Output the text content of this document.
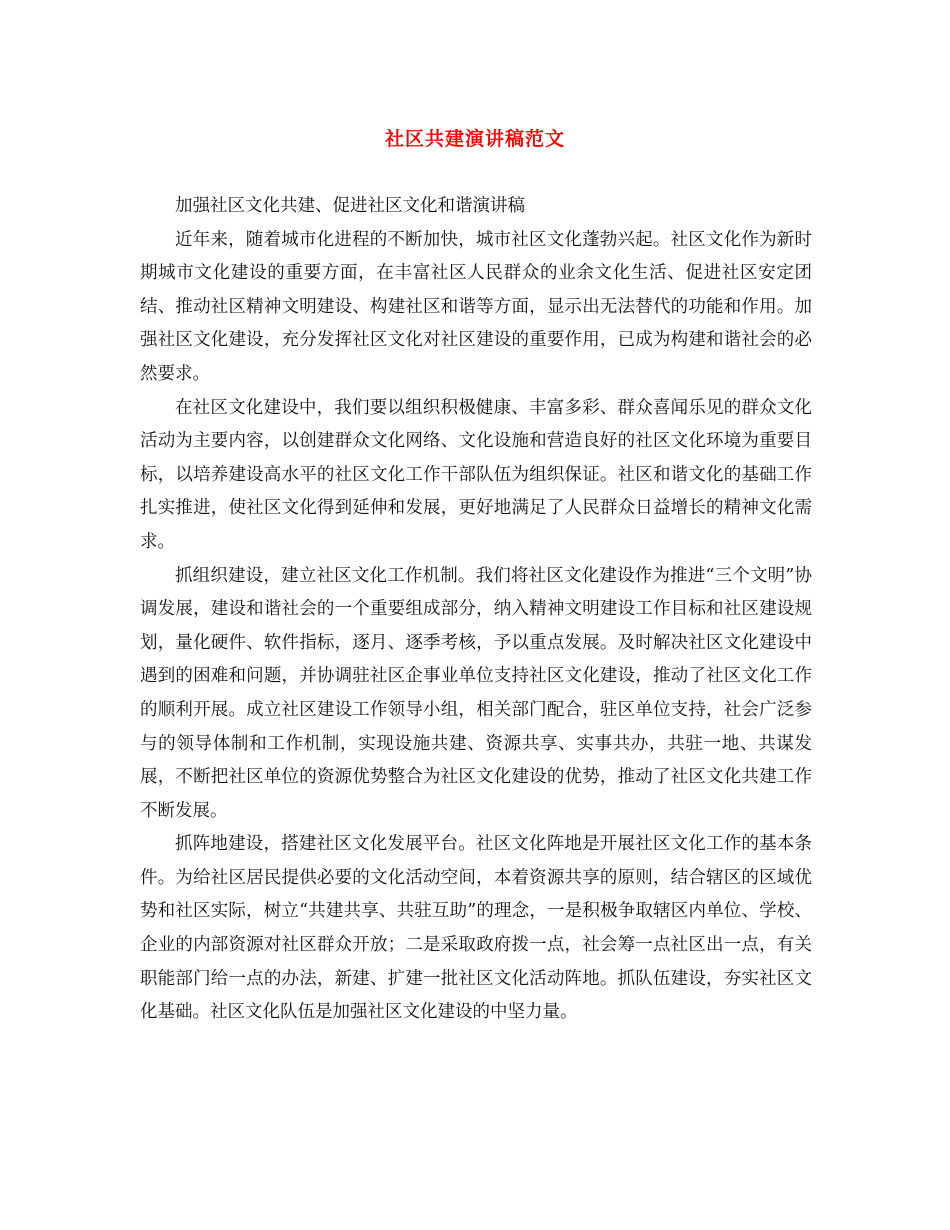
社区共建演讲稿范文

加强社区文化共建、促进社区文化和谐演讲稿

近年来，随着城市化进程的不断加快，城市社区文化蓬勃兴起。社区文化作为新时期城市文化建设的重要方面，在丰富社区人民群众的业余文化生活、促进社区安定团结、推动社区精神文明建设、构建社区和谐等方面，显示出无法替代的功能和作用。加强社区文化建设，充分发挥社区文化对社区建设的重要作用，已成为构建和谐社会的必然要求。

在社区文化建设中，我们要以组织积极健康、丰富多彩、群众喜闻乐见的群众文化活动为主要内容，以创建群众文化网络、文化设施和营造良好的社区文化环境为重要目标，以培养建设高水平的社区文化工作干部队伍为组织保证。社区和谐文化的基础工作扎实推进，使社区文化得到延伸和发展，更好地满足了人民群众日益增长的精神文化需求。

抓组织建设，建立社区文化工作机制。我们将社区文化建设作为推进“三个文明”协调发展，建设和谐社会的一个重要组成部分，纳入精神文明建设工作目标和社区建设规划，量化硬件、软件指标，逐月、逐季考核，予以重点发展。及时解决社区文化建设中遇到的困难和问题，并协调驻社区企事业单位支持社区文化建设，推动了社区文化工作的顺利开展。成立社区建设工作领导小组，相关部门配合，驻区单位支持，社会广泛参与的领导体制和工作机制，实现设施共建、资源共享、实事共办，共驻一地、共谋发展，不断把社区单位的资源优势整合为社区文化建设的优势，推动了社区文化共建工作不断发展。

抓阵地建设，搭建社区文化发展平台。社区文化阵地是开展社区文化工作的基本条件。为给社区居民提供必要的文化活动空间，本着资源共享的原则，结合辖区的区域优势和社区实际，树立“共建共享、共驻互助”的理念，一是积极争取辖区内单位、学校、企业的内部资源对社区群众开放；二是采取政府拨一点，社会筹一点社区出一点，有关职能部门给一点的办法，新建、扩建一批社区文化活动阵地。抓队伍建设，夯实社区文化基础。社区文化队伍是加强社区文化建设的中坚力量。
